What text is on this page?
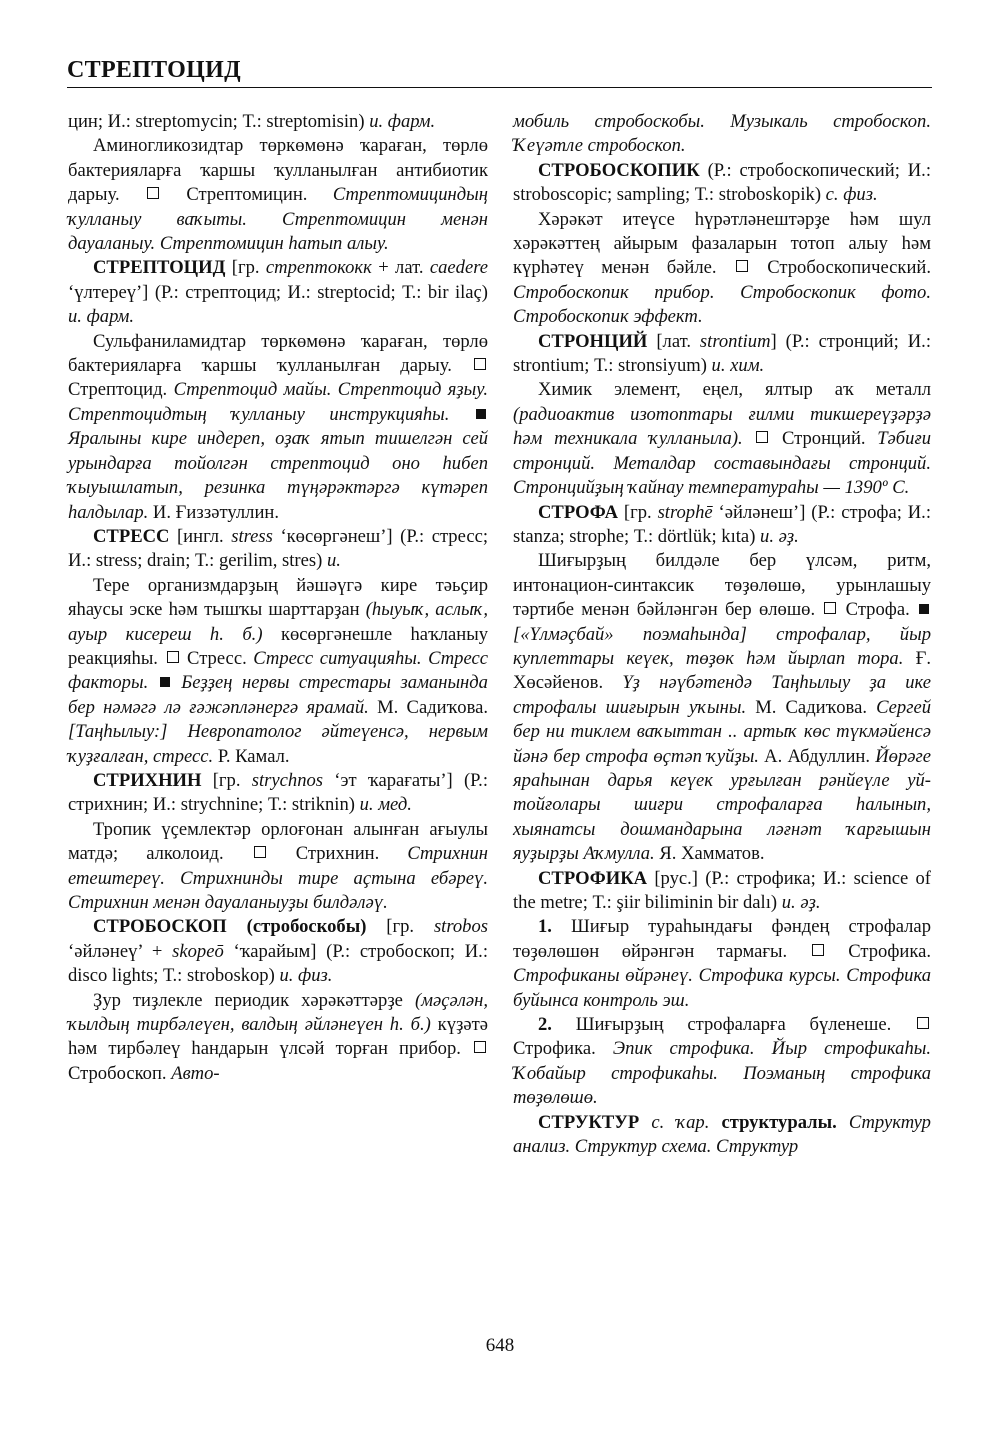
СТРЕПТОЦИД

цин; И.: streptomycin; Т.: streptomisin) и. фарм.

Аминогликозидтар төркөмөнә ҡараған, төрлө бактерияларға ҡаршы ҡулланылған антибиотик дарыу.  Стрептомицин. Стрептомициндың ҡулланыу ваҡыты. Стрептомицин менән дауаланыу. Стрептомицин һатып алыу.

СТРЕПТОЦИД [гр. стрептококк + лат. caedere ‘үлтереү’] (Р.: стрептоцид; И.: streptocid; Т.: bir ilaç) и. фарм.

Сульфаниламидтар төркөмөнә ҡараған, төрлө бактерияларға ҡаршы ҡулланылған дарыу.  Стрептоцид. Стрептоцид майы. Стрептоцид яҙыу. Стрептоцидтың ҡулланыу инструкцияһы.  Яралыны кире индереп, оҙаҡ ятып тишелгән сей урындарға тойолгән стрептоцид оно һибеп ҡыуышлатып, резинка түңәрәктәргә күтәреп һалдылар. И. Ғиззәтуллин.

СТРЕСС [ингл. stress ‘көсөргәнеш’] (Р.: стресс; И.: stress; drain; Т.: gerilim, stres) и.

Тере организмдарҙың йәшәүгә кире тәьҫир яһаусы эске һәм тышҡы шарттарҙан (һыуыҡ, аслыҡ, ауыр кисереш һ. б.) көсөргәнешле һаҡланыу реакцияһы.  Стресс. Стресс ситуацияһы. Стресс факторы.  Беҙҙең нервы стрестары заманында бер нәмәгә лә ғәжәпләнергә ярамай. М. Садиҡова. [Таңһылыу:] Невропатолог әйтеүенсә, нервым ҡуҙғалған, стресс. Р. Камал.

СТРИХНИН [гр. strychnos ‘эт ҡарағаты’] (Р.: стрихнин; И.: strychnine; Т.: striknin) и. мед.

Тропик үҫемлектәр орлоғонан алынған ағыулы матдә; алколоид.  Стрихнин. Стрихнин етештереү. Стрихнинды тире аҫтына ебәреү. Стрихнин менән дауаланыуҙы билдәләү.

СТРОБОСКОП (стробоскобы) [гр. strobos ‘әйләнеү’ + skopeō ‘ҡарайым] (Р.: стробоскоп; И.: disco lights; Т.: stroboskop) и. физ.

Ҙур тиҙлекле периодик хәрәкәттәрҙе (мәҫәлән, ҡылдың тирбәлеүен, валдың әйләнеүен һ. б.) күҙәтә һәм тирбәлеү һандарын үлсәй торған прибор.  Стробоскоп. Авто-

мобиль стробоскобы. Музыкаль стробоскоп. Ҡеүәтле стробоскоп.

СТРОБОСКОПИК (Р.: стробоскопический; И.: stroboscopic; sampling; Т.: stroboskopik) с. физ.

Хәрәкәт итеүсе һүрәтләнештәрҙе һәм шул хәрәкәттең айырым фазаларын тотоп алыу һәм күрһәтеү менән бәйле.  Стробоскопический. Стробоскопик прибор. Стробоскопик фото. Стробоскопик эффект.

СТРОНЦИЙ [лат. strontium] (Р.: стронций; И.: strontium; Т.: stronsiyum) и. хим.

Химик элемент, еңел, ялтыр аҡ металл (радиоактив изотоптары ғилми тикшереүҙәрҙә һәм техникала ҡулланыла).  Стронций. Тәбиғи стронций. Металдар составындағы стронций. Стронцийҙың ҡайнау температураһы — 1390º С.

СТРОФА [гр. strophē ‘әйләнеш’] (Р.: строфа; И.: stanza; strophe; Т.: dörtlük; kıta) и. әҙ.

Шиғырҙың билдәле бер үлсәм, ритм, интонацион-синтаксик төҙөлөшө, урынлашыу тәртибе менән бәйләнгән бер өлөшө.  Строфа.  [«Үлмәҫбай» поэмаһында] строфалар, йыр куплеттары кеүек, төҙөк һәм йырлап тора. Ғ. Хөсәйенов. Үҙ нәүбәтендә Таңһылыу ҙа ике строфалы шиғырын уҡыны. М. Садиҡова. Сергей бер ни тиклем ваҡыттан .. артыҡ көс түкмәйенсә йәнә бер строфа өҫтәп ҡуйҙы. А. Абдуллин. Йөрәге яраһынан дарья кеүек урғылған рәнйеүле уй-тойғолары шиғри строфаларға һалынып, хыянатсы дошмандарына ләғнәт ҡарғышын яуҙырҙы Аҡмулла. Я. Хамматов.

СТРОФИКА [рус.] (Р.: строфика; И.: science of the metre; Т.: şiir biliminin bir dalı) и. әҙ.

1. Шиғыр тураһындағы фәндең строфалар төҙөлөшөн өйрәнгән тармағы.  Строфика. Строфиканы өйрәнеү. Строфика курсы. Строфика буйынса контроль эш.

2. Шиғырҙың строфаларға бүленеше.  Строфика. Эпик строфика. Йыр строфикаһы. Ҡобайыр строфикаһы. Поэманың строфика төҙөлөшө.

СТРУКТУР с. ҡар. структуралы. Структур анализ. Структур схема. Структур

648
